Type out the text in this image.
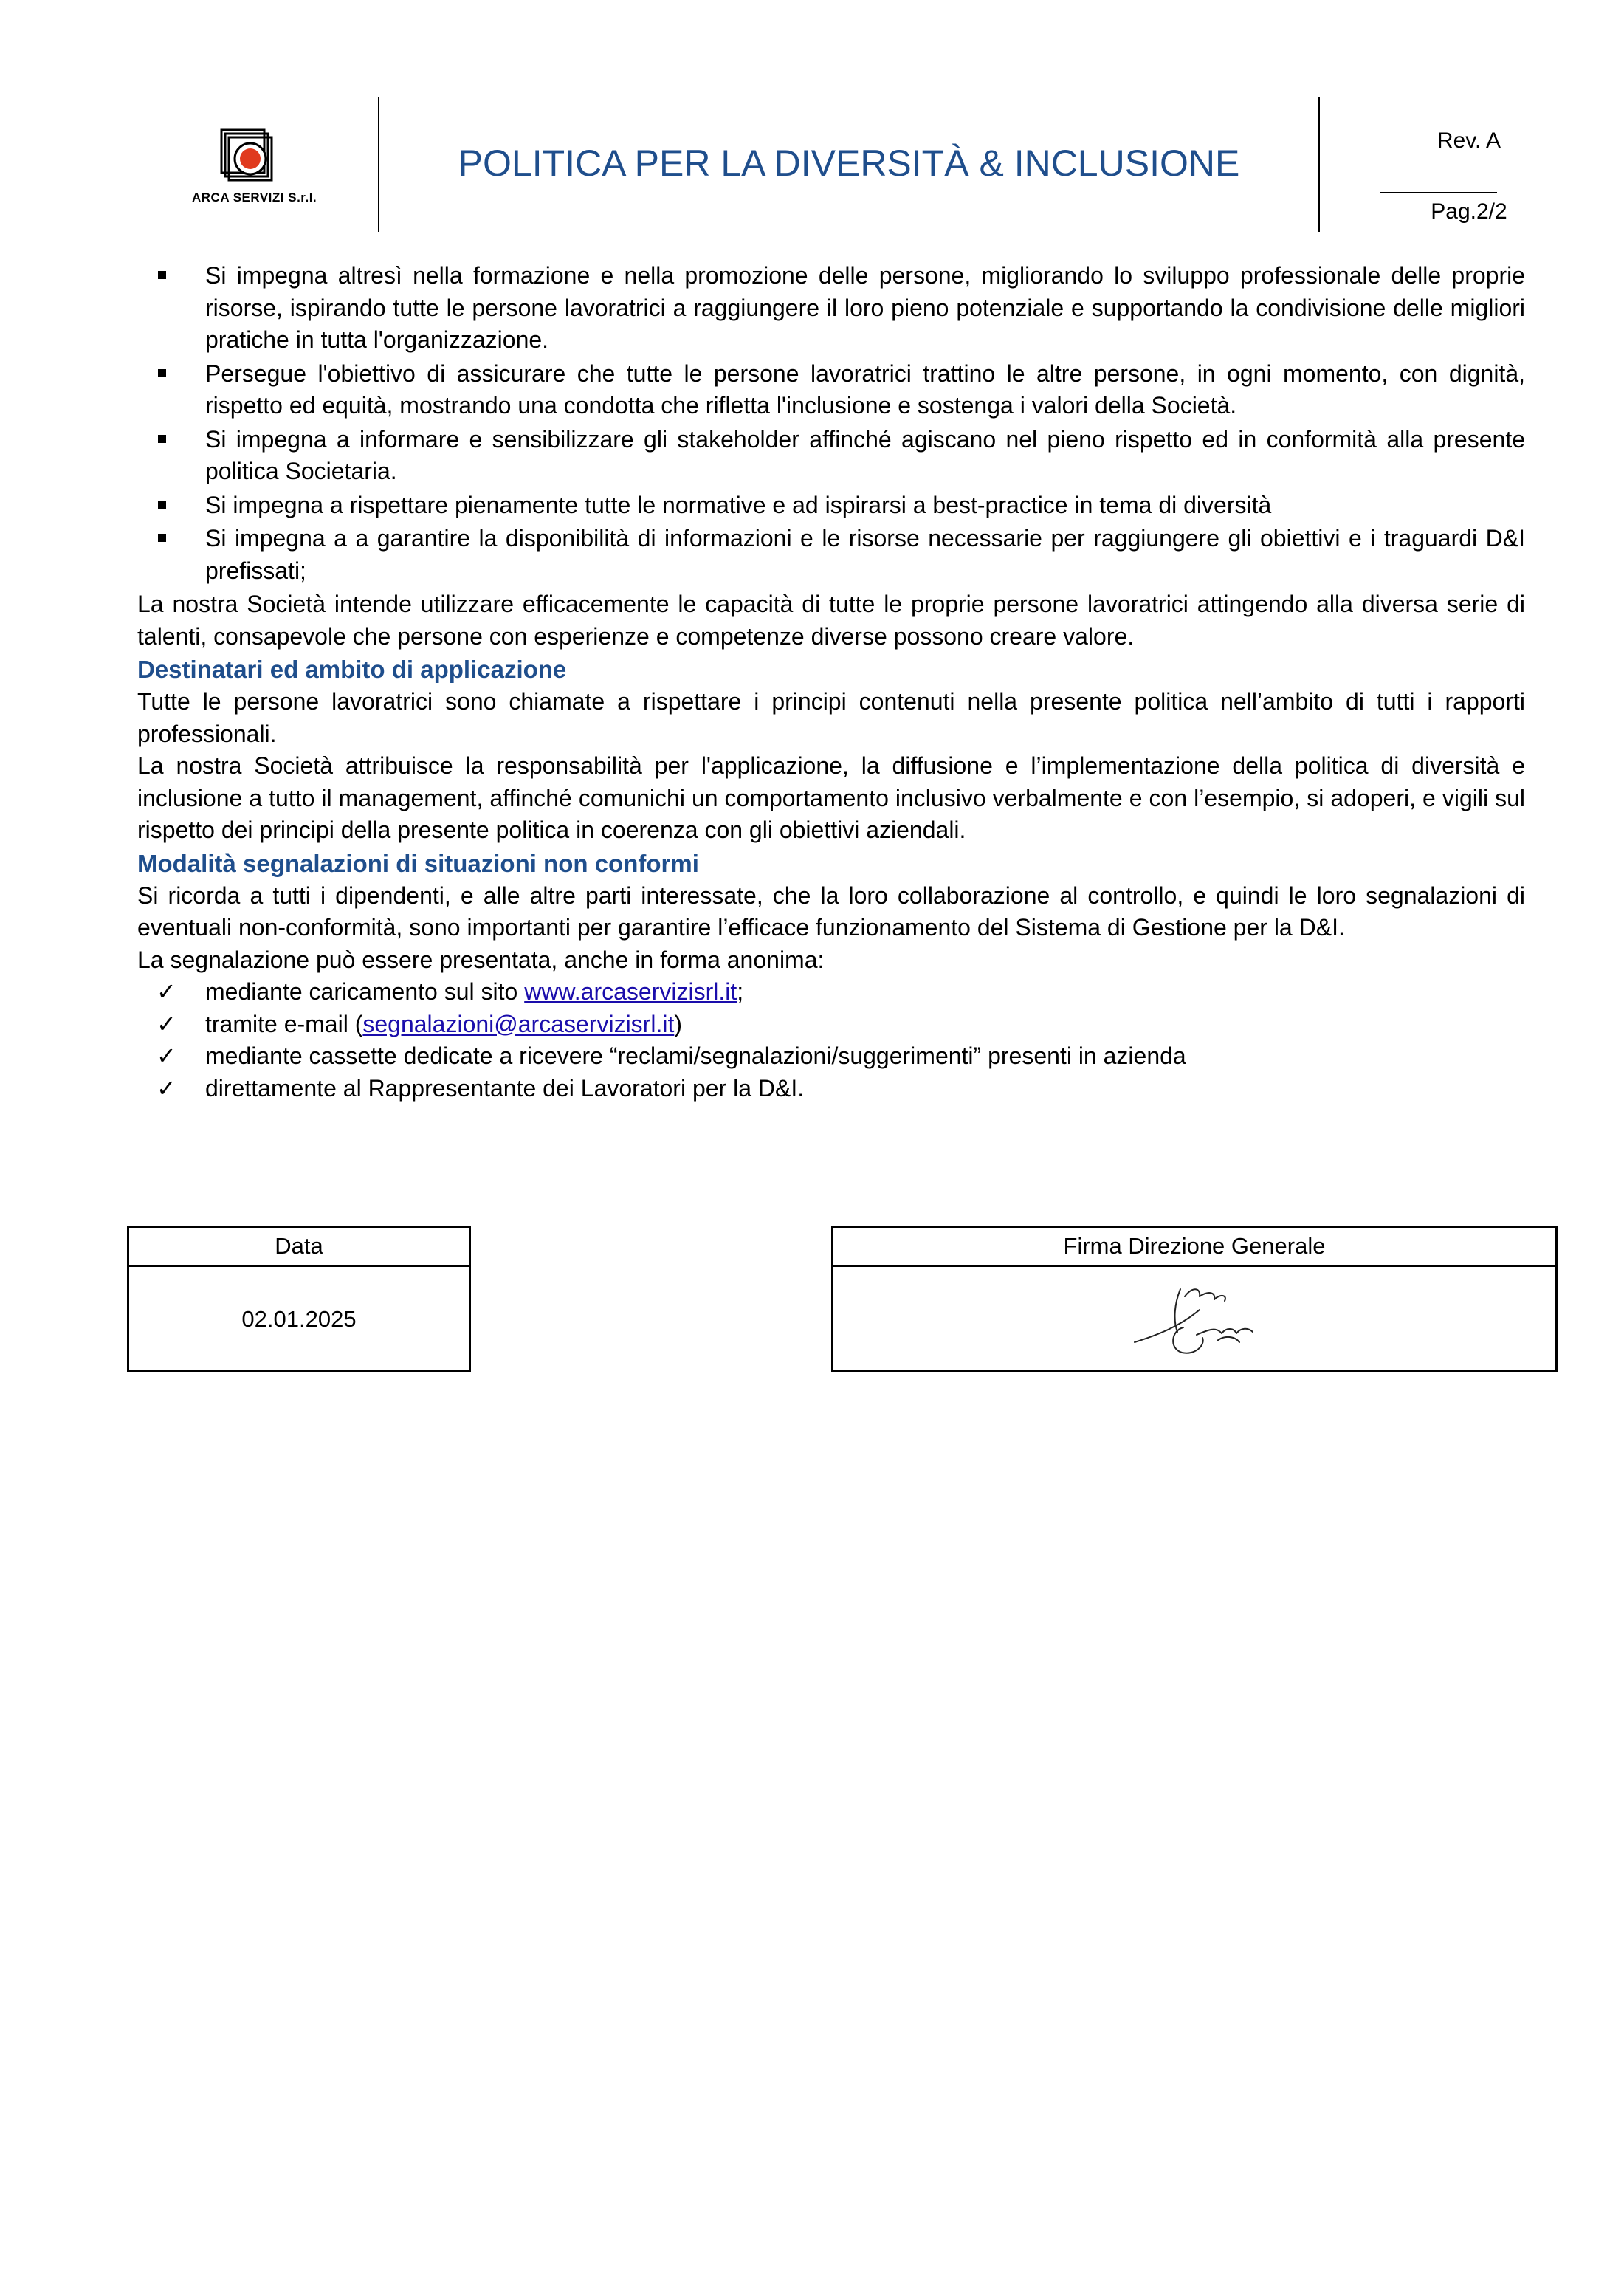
ARCA SERVIZI S.r.l.
POLITICA PER LA DIVERSITÀ & INCLUSIONE
Rev. A
Pag.2/2
Si impegna altresì nella formazione e nella promozione delle persone, migliorando lo sviluppo professionale delle proprie risorse, ispirando tutte le persone lavoratrici a raggiungere il loro pieno potenziale e supportando la condivisione delle migliori pratiche in tutta l'organizzazione.
Persegue l'obiettivo di assicurare che tutte le persone lavoratrici trattino le altre persone, in ogni momento, con dignità, rispetto ed equità, mostrando una condotta che rifletta l'inclusione e sostenga i valori della Società.
Si impegna a informare e sensibilizzare gli stakeholder affinché agiscano nel pieno rispetto ed in conformità alla presente politica Societaria.
Si impegna a rispettare pienamente tutte le normative e ad ispirarsi a best-practice in tema di diversità
Si impegna a a garantire la disponibilità di informazioni e le risorse necessarie per raggiungere gli obiettivi e i traguardi D&I prefissati;

La nostra Società intende utilizzare efficacemente le capacità di tutte le proprie persone lavoratrici attingendo alla diversa serie di talenti, consapevole che persone con esperienze e competenze diverse possono creare valore.

Destinatari ed ambito di applicazione

Tutte le persone lavoratrici sono chiamate a rispettare i principi contenuti nella presente politica nell’ambito di tutti i rapporti professionali.

La nostra Società attribuisce la responsabilità per l'applicazione, la diffusione e l’implementazione della politica di diversità e inclusione a tutto il management, affinché comunichi un comportamento inclusivo verbalmente e con l’esempio, si adoperi, e vigili sul rispetto dei principi della presente politica in coerenza con gli obiettivi aziendali.

Modalità segnalazioni di situazioni non conformi

Si ricorda a tutti i dipendenti, e alle altre parti interessate, che la loro collaborazione al controllo, e quindi le loro segnalazioni di eventuali non-conformità, sono importanti per garantire l’efficace funzionamento del Sistema di Gestione per la D&I.

La segnalazione può essere presentata, anche in forma anonima:

✓ mediante caricamento sul sito www.arcaservizisrl.it;
✓ tramite e-mail (segnalazioni@arcaservizisrl.it)
✓ mediante cassette dedicate a ricevere “reclami/segnalazioni/suggerimenti” presenti in azienda
✓ direttamente al Rappresentante dei Lavoratori per la D&I.
Data
02.01.2025
Firma Direzione Generale
